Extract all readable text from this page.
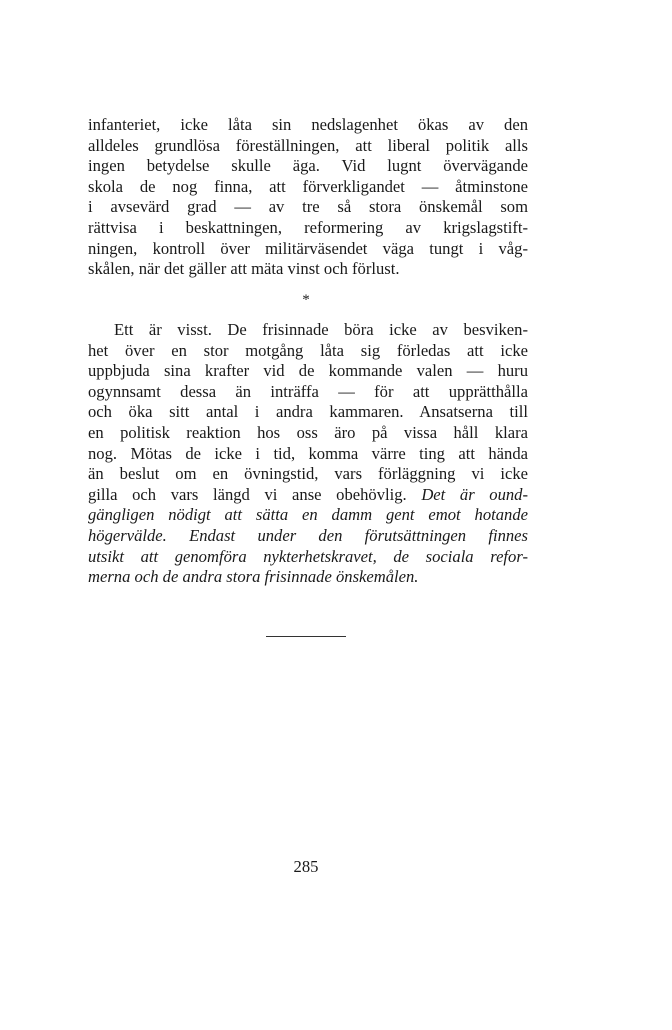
infanteriet, icke låta sin nedslagenhet ökas av den
alldeles grundlösa föreställningen, att liberal politik alls
ingen betydelse skulle äga. Vid lugnt övervägande
skola de nog finna, att förverkligandet — åtminstone
i avsevärd grad — av tre så stora önskemål som
rättvisa i beskattningen, reformering av krigslagstift-
ningen, kontroll över militärväsendet väga tungt i våg-
skålen, när det gäller att mäta vinst och förlust.

*

Ett är visst. De frisinnade böra icke av besviken-
het över en stor motgång låta sig förledas att icke
uppbjuda sina krafter vid de kommande valen — huru
ogynnsamt dessa än inträffa — för att upprätthålla
och öka sitt antal i andra kammaren. Ansatserna till
en politisk reaktion hos oss äro på vissa håll klara
nog. Mötas de icke i tid, komma värre ting att hända
än beslut om en övningstid, vars förläggning vi icke
gilla och vars längd vi anse obehövlig. Det är ound-
gängligen nödigt att sätta en damm gent emot hotande
högervälde. Endast under den förutsättningen finnes
utsikt att genomföra nykterhetskravet, de sociala refor-
merna och de andra stora frisinnade önskemålen.

285
